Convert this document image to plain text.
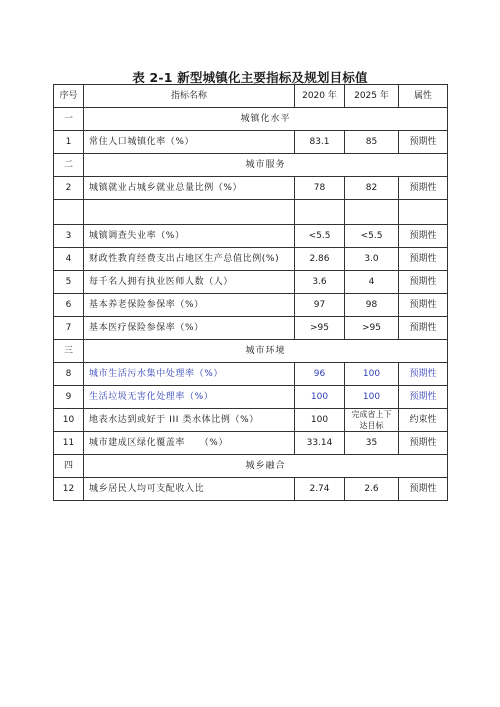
表 2-1 新型城镇化主要指标及规划目标值
序号	指标名称	2020 年	2025 年	属性
一	城镇化水平			
1	常住人口城镇化率（%）	83.1	85	预期性
二	城市服务			
2	城镇就业占城乡就业总量比例（%）	78	82	预期性

3	城镇调查失业率（%）	<5.5	<5.5	预期性
4	财政性教育经费支出占地区生产总值比例(%)	2.86	3.0	预期性
5	每千名人拥有执业医师人数（人）	3.6	4	预期性
6	基本养老保险参保率（%）	97	98	预期性
7	基本医疗保险参保率（%）	>95	>95	预期性
三	城市环境			
8	城市生活污水集中处理率（%）	96	100	预期性
9	生活垃圾无害化处理率（%）	100	100	预期性
10	地表水达到或好于 III 类水体比例（%）	100	完成省上下达目标	约束性
11	城市建成区绿化覆盖率　　（%）	33.14	35	预期性
四	城乡融合			
12	城乡居民人均可支配收入比	2.74	2.6	预期性
